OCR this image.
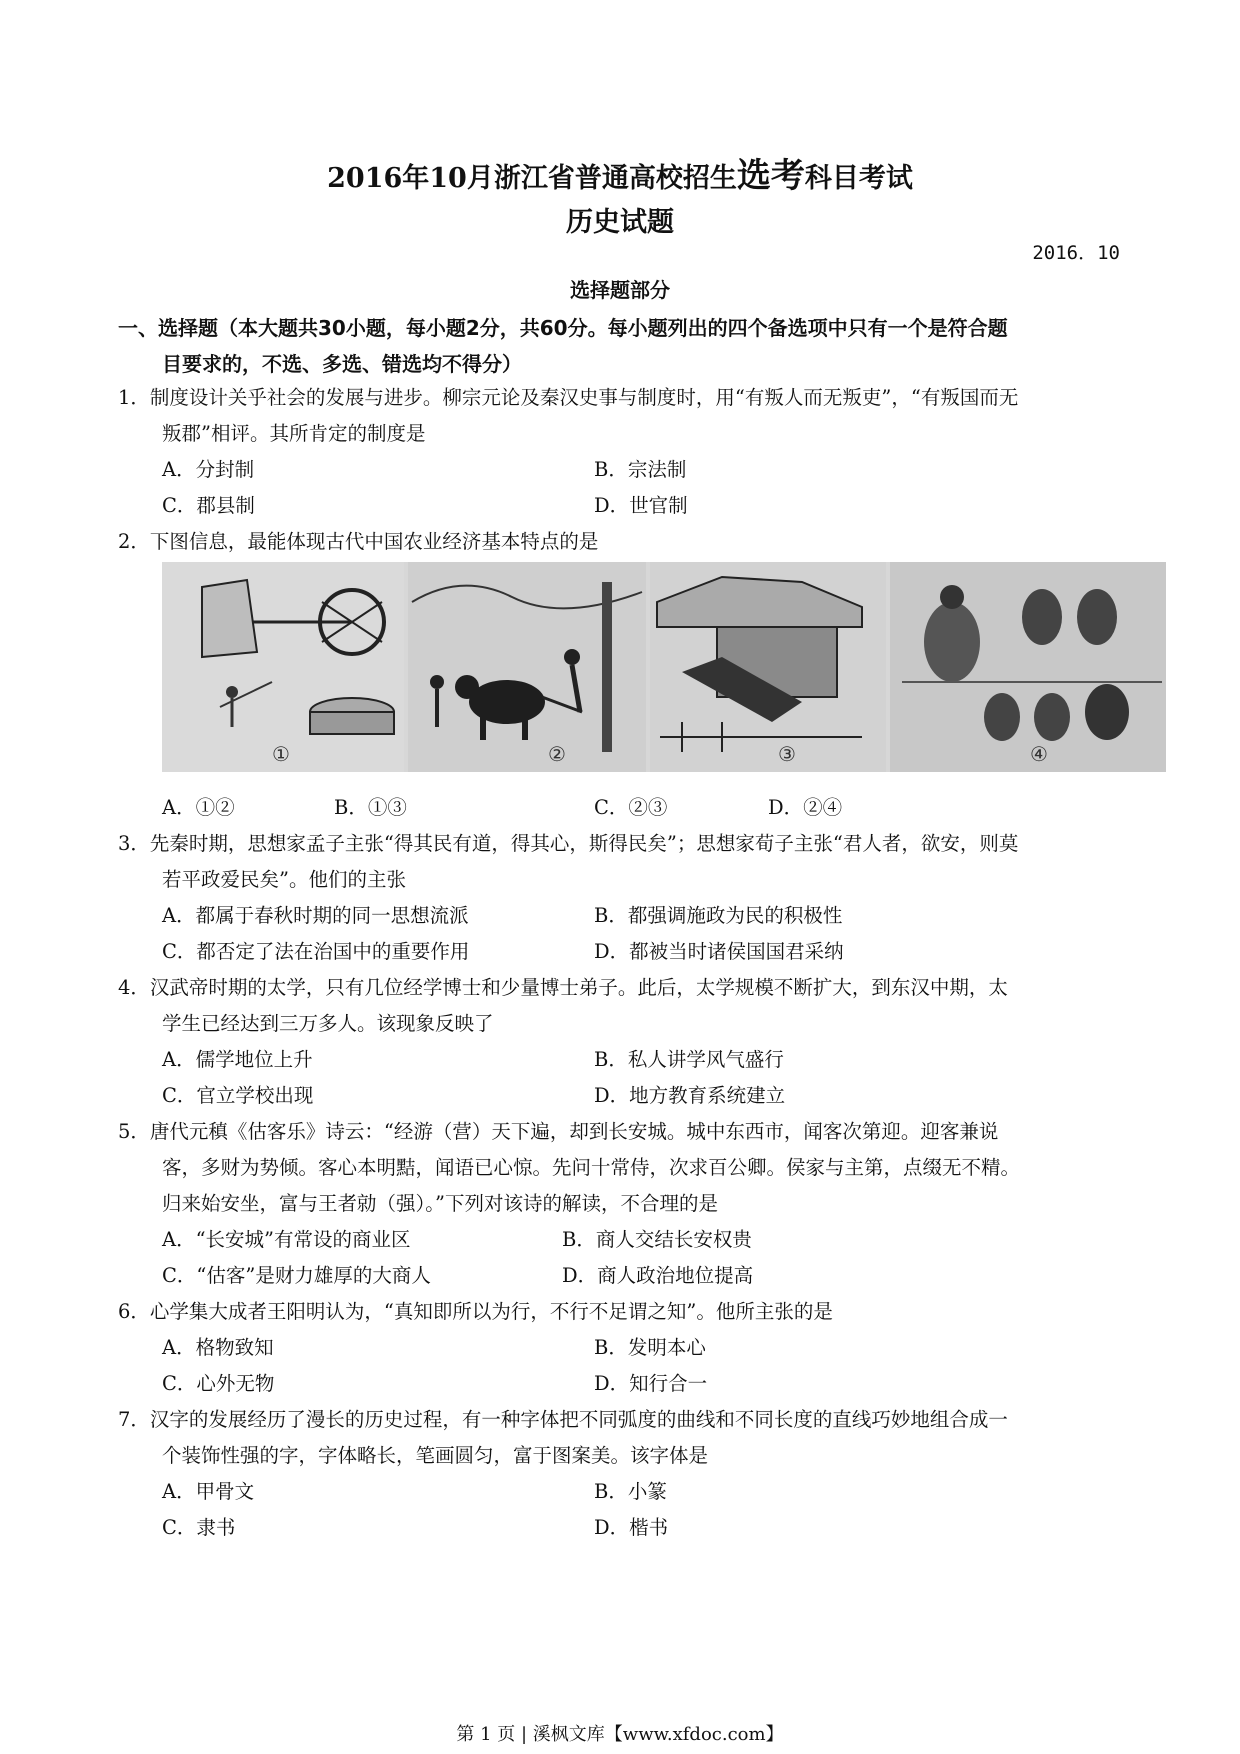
2016年10月浙江省普通高校招生选考科目考试
历史试题
2016．10
选择题部分
一、选择题（本大题共30小题，每小题2分，共60分。每小题列出的四个备选项中只有一个是符合题
目要求的，不选、多选、错选均不得分）
1．制度设计关乎社会的发展与进步。柳宗元论及秦汉史事与制度时，用“有叛人而无叛吏”，“有叛国而无
叛郡”相评。其所肯定的制度是
A．分封制	B．宗法制
C．郡县制	D．世官制
2．下图信息，最能体现古代中国农业经济基本特点的是
①	②	③	④
A．①②	B．①③	C．②③	D．②④
3．先秦时期，思想家孟子主张“得其民有道，得其心，斯得民矣”；思想家荀子主张“君人者，欲安，则莫
若平政爱民矣”。他们的主张
A．都属于春秋时期的同一思想流派	B．都强调施政为民的积极性
C．都否定了法在治国中的重要作用	D．都被当时诸侯国国君采纳
4．汉武帝时期的太学，只有几位经学博士和少量博士弟子。此后，太学规模不断扩大，到东汉中期，太
学生已经达到三万多人。该现象反映了
A．儒学地位上升	B．私人讲学风气盛行
C．官立学校出现	D．地方教育系统建立
5．唐代元稹《估客乐》诗云：“经游（营）天下遍，却到长安城。城中东西市，闻客次第迎。迎客兼说
客，多财为势倾。客心本明黠，闻语已心惊。先问十常侍，次求百公卿。侯家与主第，点缀无不精。
归来始安坐，富与王者勍（强）。”下列对该诗的解读，不合理的是
A．“长安城”有常设的商业区	B．商人交结长安权贵
C．“估客”是财力雄厚的大商人	D．商人政治地位提高
6．心学集大成者王阳明认为，“真知即所以为行，不行不足谓之知”。他所主张的是
A．格物致知	B．发明本心
C．心外无物	D．知行合一
7．汉字的发展经历了漫长的历史过程，有一种字体把不同弧度的曲线和不同长度的直线巧妙地组合成一
个装饰性强的字，字体略长，笔画圆匀，富于图案美。该字体是
A．甲骨文	B．小篆
C．隶书	D．楷书
第 1 页 | 溪枫文库【www.xfdoc.com】
